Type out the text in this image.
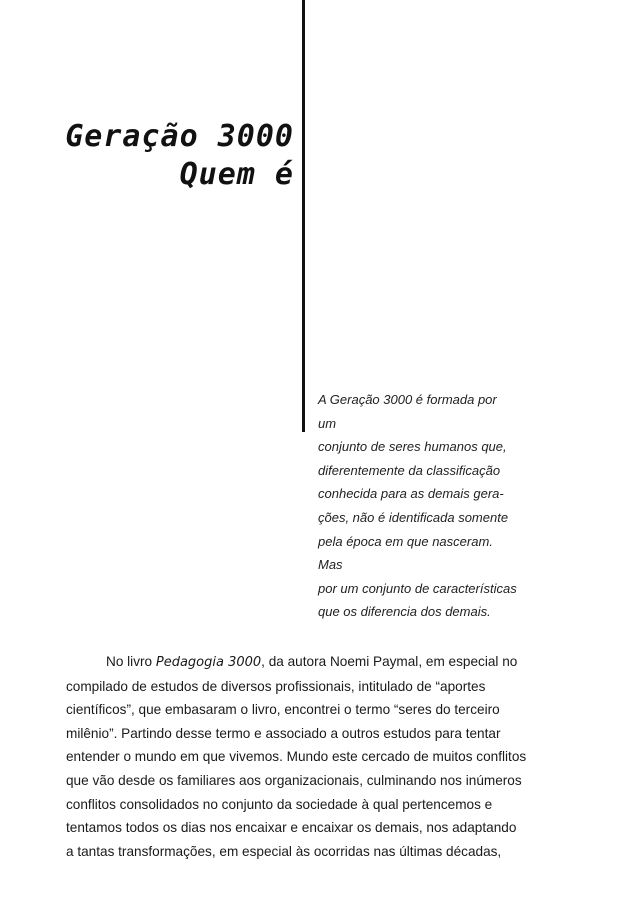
Geração 3000
Quem é
A Geração 3000 é formada por um
conjunto de seres humanos que,
diferentemente da classificação
conhecida para as demais gera-
ções, não é identificada somente
pela época em que nasceram. Mas
por um conjunto de características
que os diferencia dos demais.
No livro Pedagogia 3000, da autora Noemi Paymal, em especial no
compilado de estudos de diversos profissionais, intitulado de “aportes
científicos”, que embasaram o livro, encontrei o termo “seres do terceiro
milênio”. Partindo desse termo e associado a outros estudos para tentar
entender o mundo em que vivemos. Mundo este cercado de muitos conflitos
que vão desde os familiares aos organizacionais, culminando nos inúmeros
conflitos consolidados no conjunto da sociedade à qual pertencemos e
tentamos todos os dias nos encaixar e encaixar os demais, nos adaptando
a tantas transformações, em especial às ocorridas nas últimas décadas,
